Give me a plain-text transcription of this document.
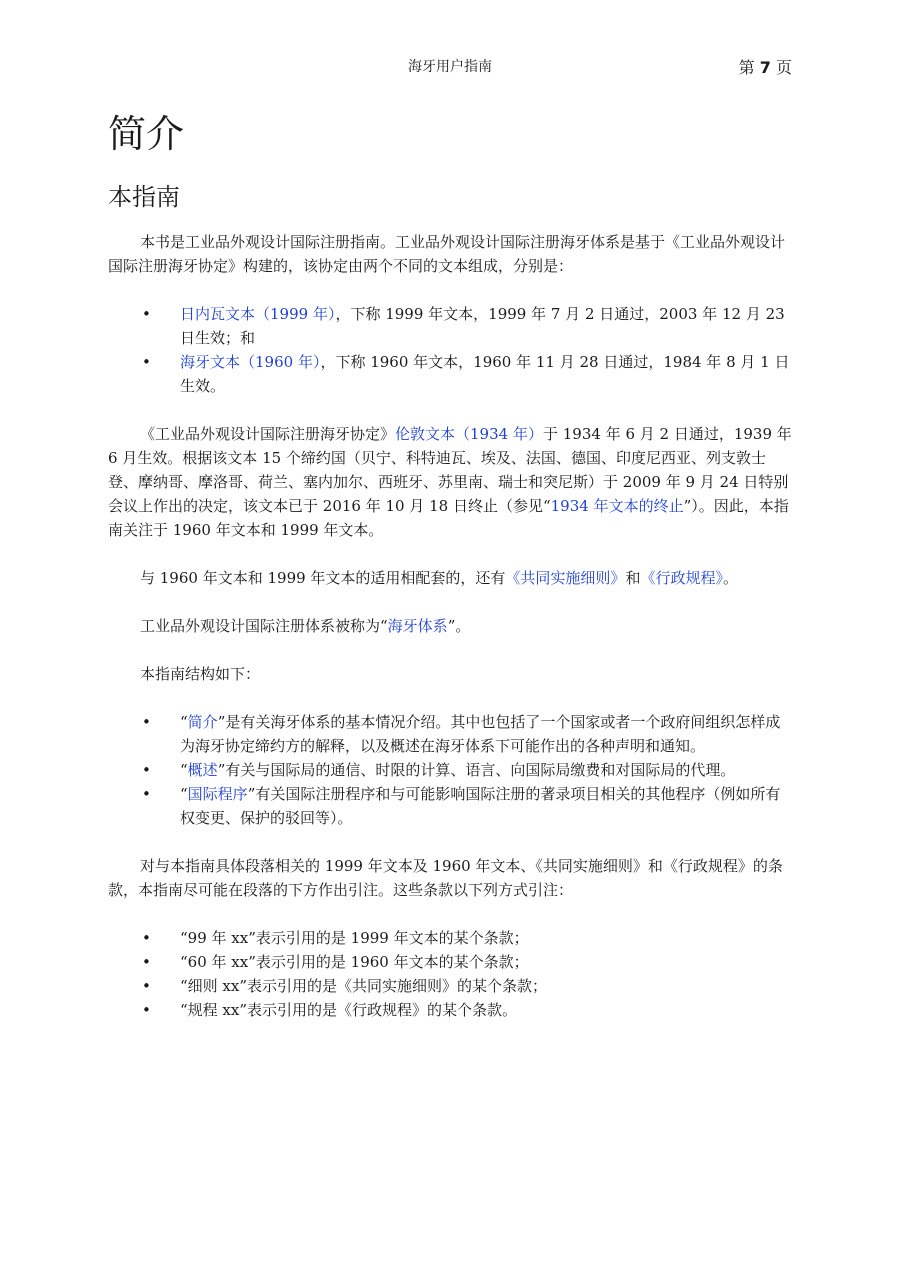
海牙用户指南	第 7 页
简介
本指南

本书是工业品外观设计国际注册指南。工业品外观设计国际注册海牙体系是基于《工业品外观设计国际注册海牙协定》构建的，该协定由两个不同的文本组成，分别是：

• 日内瓦文本（1999 年），下称 1999 年文本，1999 年 7 月 2 日通过，2003 年 12 月 23 日生效；和
• 海牙文本（1960 年），下称 1960 年文本，1960 年 11 月 28 日通过，1984 年 8 月 1 日生效。

《工业品外观设计国际注册海牙协定》伦敦文本（1934 年）于 1934 年 6 月 2 日通过，1939 年 6 月生效。根据该文本 15 个缔约国（贝宁、科特迪瓦、埃及、法国、德国、印度尼西亚、列支敦士登、摩纳哥、摩洛哥、荷兰、塞内加尔、西班牙、苏里南、瑞士和突尼斯）于 2009 年 9 月 24 日特别会议上作出的决定，该文本已于 2016 年 10 月 18 日终止（参见“1934 年文本的终止”）。因此，本指南关注于 1960 年文本和 1999 年文本。

与 1960 年文本和 1999 年文本的适用相配套的，还有《共同实施细则》和《行政规程》。

工业品外观设计国际注册体系被称为“海牙体系”。

本指南结构如下：

• “简介”是有关海牙体系的基本情况介绍。其中也包括了一个国家或者一个政府间组织怎样成为海牙协定缔约方的解释，以及概述在海牙体系下可能作出的各种声明和通知。
• “概述”有关与国际局的通信、时限的计算、语言、向国际局缴费和对国际局的代理。
• “国际程序”有关国际注册程序和与可能影响国际注册的著录项目相关的其他程序（例如所有权变更、保护的驳回等）。

对与本指南具体段落相关的 1999 年文本及 1960 年文本、《共同实施细则》和《行政规程》的条款，本指南尽可能在段落的下方作出引注。这些条款以下列方式引注：

• “99 年 xx”表示引用的是 1999 年文本的某个条款；
• “60 年 xx”表示引用的是 1960 年文本的某个条款；
• “细则 xx”表示引用的是《共同实施细则》的某个条款；
• “规程 xx”表示引用的是《行政规程》的某个条款。
